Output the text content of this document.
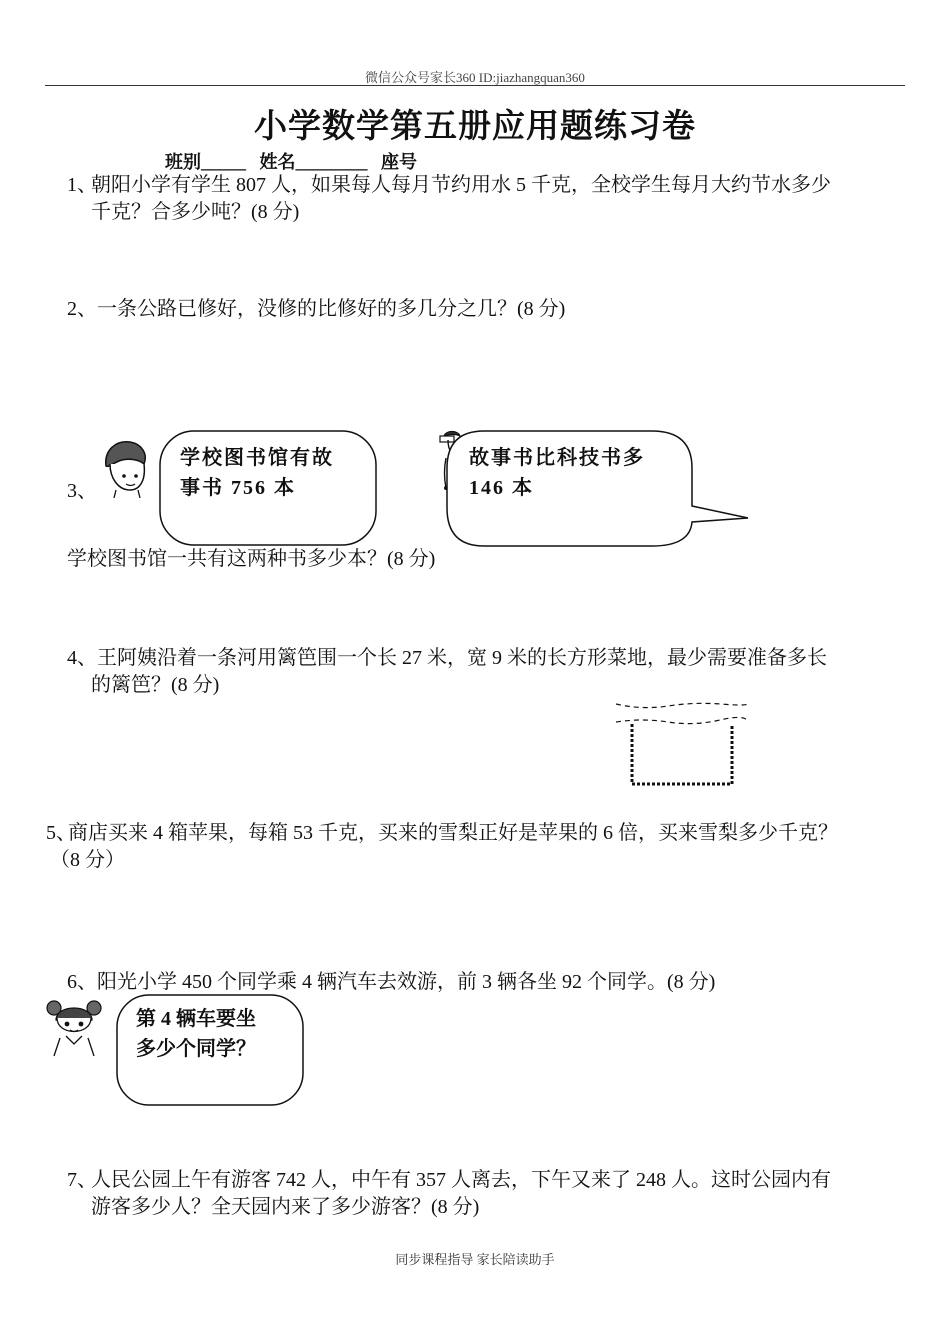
微信公众号家长360 ID:jiazhangquan360
小学数学第五册应用题练习卷
班别_____ 姓名________ 座号
1、
朝阳小学有学生 807 人，如果每人每月节约用水 5 千克，全校学生每月大约节水多少
千克？合多少吨？(8 分)
2、 一条公路已修好，没修的比修好的多几分之几？(8 分)
3、
学校图书馆有故
事书 756 本
故事书比科技书多
146 本
学校图书馆一共有这两种书多少本？(8 分)
4、 王阿姨沿着一条河用篱笆围一个长 27 米，宽 9 米的长方形菜地，最少需要准备多长
的篱笆？(8 分)
5、
商店买来 4 箱苹果，每箱 53 千克，买来的雪梨正好是苹果的 6 倍，买来雪梨多少千克？
（8 分）
6、 阳光小学 450 个同学乘 4 辆汽车去效游，前 3 辆各坐 92 个同学。(8 分)
第 4 辆车要坐
多少个同学？
7、
人民公园上午有游客 742 人，中午有 357 人离去，下午又来了 248 人。这时公园内有
游客多少人？全天园内来了多少游客？(8 分)
同步课程指导 家长陪读助手
